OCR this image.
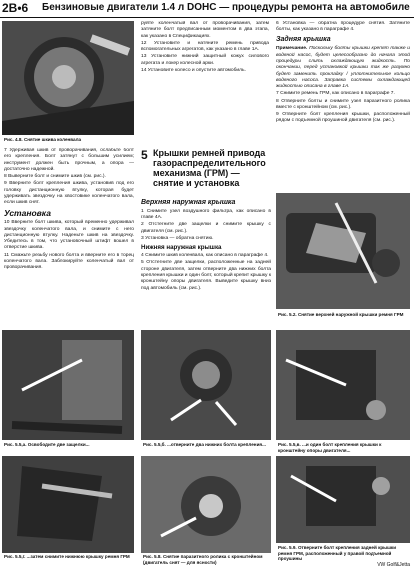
2B•6 Бензиновые двигатели 1.4 л DOHC — процедуры ремонта на автомобиле
Рис. 4.8. Снятие шкива коленвала

7 Удерживая шкив от проворачивания, ослабьте болт его крепления. Болт затянут с большим усилием; инструмент должен быть прочным, а опора — достаточно надежной.

8 Выверните болт и снимите шкив (см. рис.).

9 Вверните болт крепления шкива, установив под его головку дистанционную втулку, которая будет удерживать звездочку на хвостовике коленчатого вала, если шкив снят.

Установка

10 Вверните болт шкива, который временно удерживал звездочку коленчатого вала, и снимите с него дистанционную втулку. Наденьте шкив на звездочку. Убедитесь в том, что установочный штифт вошел в отверстие шкива.

11 Смажьте резьбу нового болта и вверните его в торец коленчатого вала. Заблокируйте коленчатый вал от проворачивания.

руйте коленчатый вал от проворачивания, затем затяните болт предписанным моментом в два этапа, как указано в Спецификациях.

12 Установите и натяните ремень привода вспомогательных агрегатов, как указано в главе 1А.

13 Установите нижний защитный кожух силового агрегата и локер колесной арки.

14 Установите колесо и опустите автомобиль.

5 Крышки ремней привода газораспределительного механизма (ГРМ) — снятие и установка
Верхняя наружная крышка

1 Снимите узел воздушного фильтра, как описано в главе 4А.

2 Отстегните две защелки и снимите крышку с двигателя (см. рис.).

3 Установка — обратна снятию.

Нижняя наружная крышка

4 Снимите шкив коленвала, как описано в параграфе 4.

5 Отстегните две защелки, расположенные на задней стороне двигателя, затем отверните два нижних болта крепления крышки и один болт, который крепит крышку к кронштейну опоры двигателя. Выведите крышку вниз под автомобиль (см. рис.).

6 Установка — обратна процедуре снятия. Затяните болты, как указано в параграфе 4.

Задняя крышка

Примечание. Поскольку болты крышки крепят также и водяной насос, будет целесообразно до начала этой процедуры слить охлаждающую жидкость. По окончании, перед установкой крышки так же разумно будет заменить прокладку / уплотнительное кольцо водяного насоса. Заправка системы охлаждающей жидкостью описана в главе 1А.

7 Снимите ремень ГРМ, как описано в параграфе 7.

8 Отверните болты и снимите узел паразитного ролика вместе с кронштейном (см. рис.).

9 Отверните болт крепления крышки, расположенный рядом с подъемной проушиной двигателя (см. рис.).

Рис. 5.2. Снятие верхней наружной крышки ремня ГРМ
Рис. 5.5,а. Освободите две защелки...	Рис. 5.5,б. ...отверните два нижних болта крепления...	Рис. 5.5,в. ...и один болт крепления крышки к кронштейну опоры двигателя...
Рис. 5.5,г. ...затем снимите нижнюю крышку ремня ГРМ	Рис. 5.8. Снятие паразитного ролика с кронштейном (двигатель снят — для ясности)
Рис. 5.9. Отверните болт крепления задней крышки ремня ГРМ, расположенный у правой подъемной проушины
VW Golf&Jetta
